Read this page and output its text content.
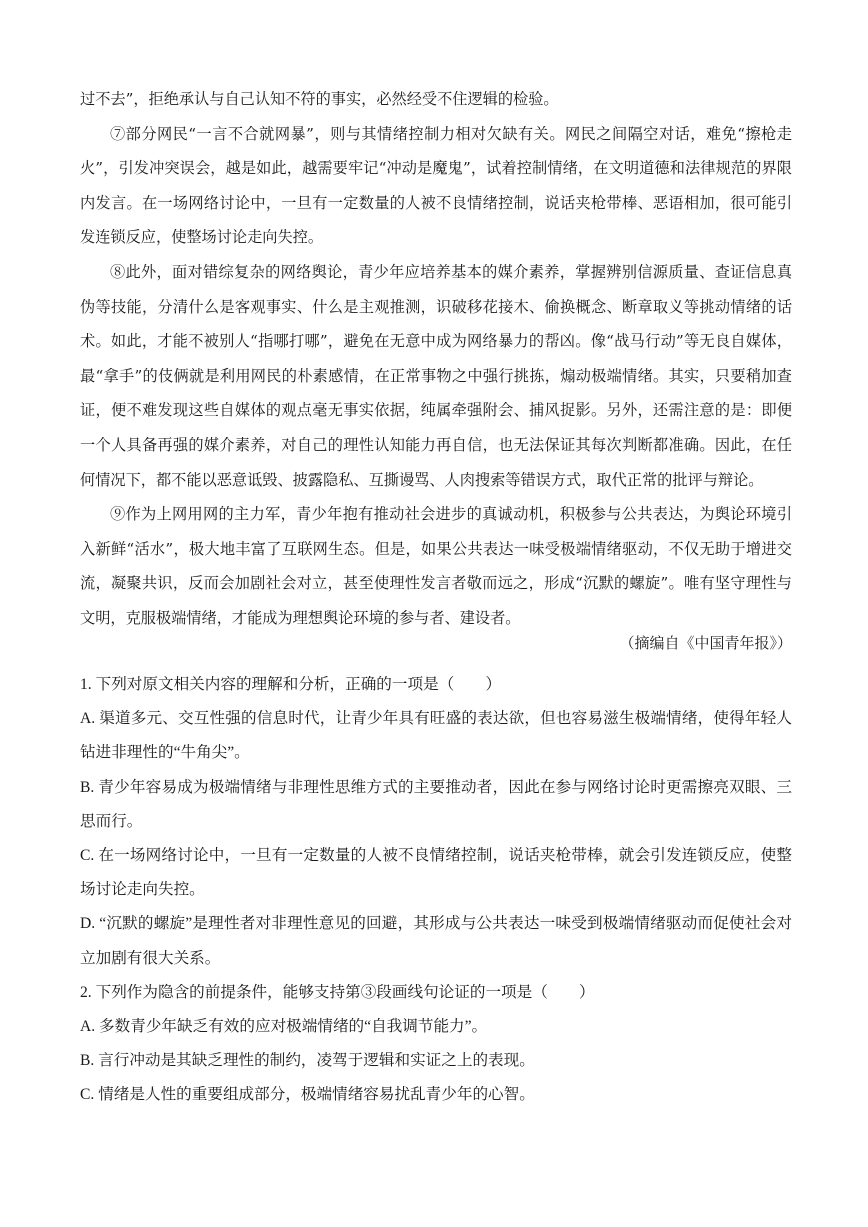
过不去”，拒绝承认与自己认知不符的事实，必然经受不住逻辑的检验。

⑦部分网民“一言不合就网暴”，则与其情绪控制力相对欠缺有关。网民之间隔空对话，难免“擦枪走火”，引发冲突误会，越是如此，越需要牢记“冲动是魔鬼”，试着控制情绪，在文明道德和法律规范的界限内发言。在一场网络讨论中，一旦有一定数量的人被不良情绪控制，说话夹枪带棒、恶语相加，很可能引发连锁反应，使整场讨论走向失控。

⑧此外，面对错综复杂的网络舆论，青少年应培养基本的媒介素养，掌握辨别信源质量、查证信息真伪等技能，分清什么是客观事实、什么是主观推测，识破移花接木、偷换概念、断章取义等挑动情绪的话术。如此，才能不被别人“指哪打哪”，避免在无意中成为网络暴力的帮凶。像“战马行动”等无良自媒体，最“拿手”的伎俩就是利用网民的朴素感情，在正常事物之中强行挑拣，煽动极端情绪。其实，只要稍加查证，便不难发现这些自媒体的观点毫无事实依据，纯属牵强附会、捕风捉影。另外，还需注意的是：即便一个人具备再强的媒介素养，对自己的理性认知能力再自信，也无法保证其每次判断都准确。因此，在任何情况下，都不能以恶意诋毁、披露隐私、互撕谩骂、人肉搜索等错误方式，取代正常的批评与辩论。

⑨作为上网用网的主力军，青少年抱有推动社会进步的真诚动机，积极参与公共表达，为舆论环境引入新鲜“活水”，极大地丰富了互联网生态。但是，如果公共表达一味受极端情绪驱动，不仅无助于增进交流，凝聚共识，反而会加剧社会对立，甚至使理性发言者敬而远之，形成“沉默的螺旋”。唯有坚守理性与文明，克服极端情绪，才能成为理想舆论环境的参与者、建设者。

（摘编自《中国青年报》）

1. 下列对原文相关内容的理解和分析，正确的一项是（　　）

A. 渠道多元、交互性强的信息时代，让青少年具有旺盛的表达欲，但也容易滋生极端情绪，使得年轻人钻进非理性的“牛角尖”。

B. 青少年容易成为极端情绪与非理性思维方式的主要推动者，因此在参与网络讨论时更需擦亮双眼、三思而行。

C. 在一场网络讨论中，一旦有一定数量的人被不良情绪控制，说话夹枪带棒，就会引发连锁反应，使整场讨论走向失控。

D. “沉默的螺旋”是理性者对非理性意见的回避，其形成与公共表达一味受到极端情绪驱动而促使社会对立加剧有很大关系。

2. 下列作为隐含的前提条件，能够支持第③段画线句论证的一项是（　　）

A. 多数青少年缺乏有效的应对极端情绪的“自我调节能力”。

B. 言行冲动是其缺乏理性的制约，凌驾于逻辑和实证之上的表现。

C. 情绪是人性的重要组成部分，极端情绪容易扰乱青少年的心智。
